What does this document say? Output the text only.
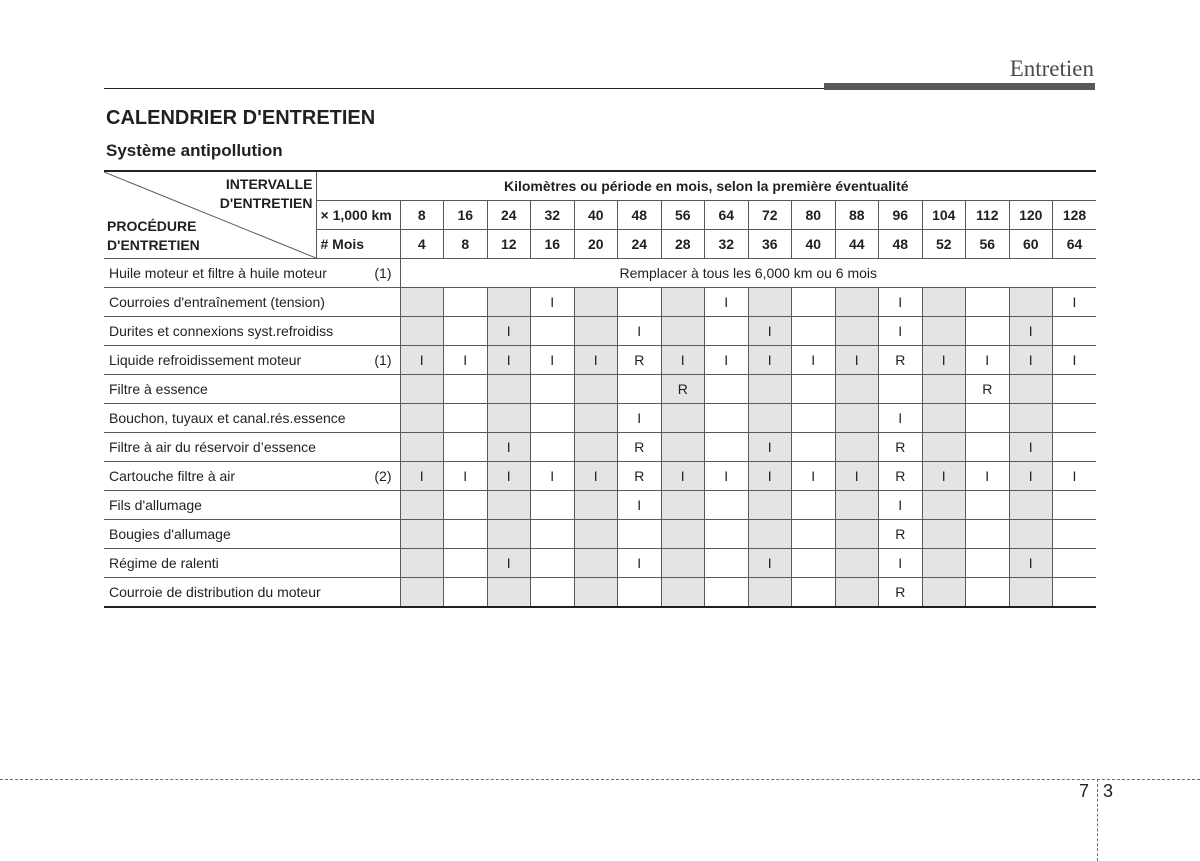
Entretien
CALENDRIER D'ENTRETIEN
Système antipollution
INTERVALLE
D'ENTRETIEN
PROCÉDURE
D'ENTRETIEN	Kilomètres ou période en mois, selon la première éventualité																
	× 1,000 km	8	16	24	32	40	48	56	64	72	80	88	96	104	112	120	128
	# Mois	4	8	12	16	20	24	28	32	36	40	44	48	52	56	60	64

(1)
Huile moteur et filtre à huile moteur		Remplacer à tous les 6,000 km ou 6 mois															

Courroies d'entraînement (tension)					I				I				I				I

Durites et connexions syst.refroidiss				I			I			I			I			I	

(1)
Liquide refroidissement moteur		I	I	I	I	I	R	I	I	I	I	I	R	I	I	I	I

Filtre à essence								R							R		

Bouchon, tuyaux et canal.rés.essence							I						I				

Filtre à air du réservoir d’essence				I			R			I			R			I	

(2)
Cartouche filtre à air		I	I	I	I	I	R	I	I	I	I	I	R	I	I	I	I

Fils d'allumage							I						I				

Bougies d'allumage													R				

Régime de ralenti				I			I			I			I			I	

Courroie de distribution du moteur													R				
7 3
